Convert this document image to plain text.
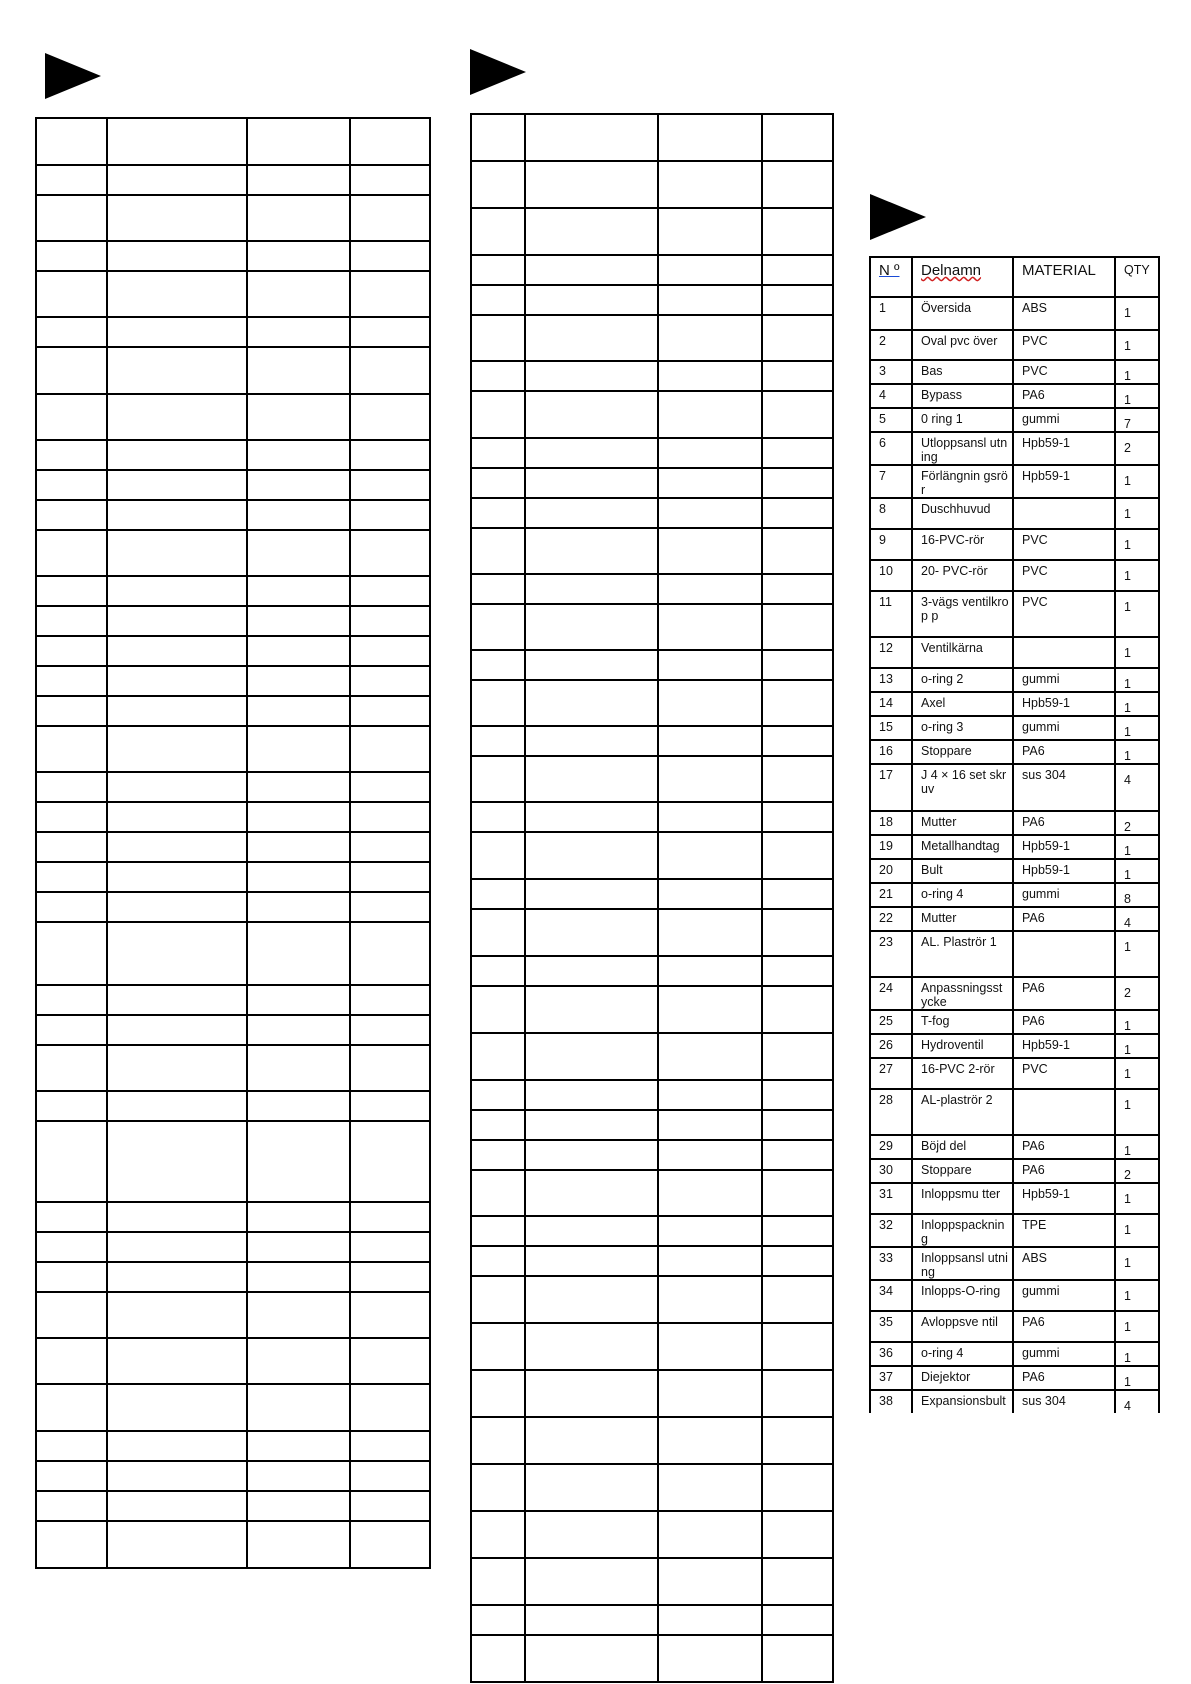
N º	Delnamn	MATERIAL	QTY
1	Översida	ABS	1
2	Oval pvc över	PVC	1
3	Bas	PVC	1
4	Bypass	PA6	1
5	0 ring 1	gummi	7
6	Utloppsansl utning	Hpb59-1	2
7	Förlängnin gsrör	Hpb59-1	1
8	Duschhuvud		1
9	16-PVC-rör	PVC	1
10	20- PVC-rör	PVC	1
11	3-vägs ventilkrop p	PVC	1
12	Ventilkärna		1
13	o-ring 2	gummi	1
14	Axel	Hpb59-1	1
15	o-ring 3	gummi	1
16	Stoppare	PA6	1
17	J 4 × 16 set skruv	sus 304	4
18	Mutter	PA6	2
19	Metallhandtag	Hpb59-1	1
20	Bult	Hpb59-1	1
21	o-ring 4	gummi	8
22	Mutter	PA6	4
23	AL. Plaströr 1		1
24	Anpassningsst ycke	PA6	2
25	T-fog	PA6	1
26	Hydroventil	Hpb59-1	1
27	16-PVC 2-rör	PVC	1
28	AL-plaströr 2		1
29	Böjd del	PA6	1
30	Stoppare	PA6	2
31	Inloppsmu tter	Hpb59-1	1
32	Inloppspacknin g	TPE	1
33	Inloppsansl utning	ABS	1
34	Inlopps-O-ring	gummi	1
35	Avloppsve ntil	PA6	1
36	o-ring 4	gummi	1
37	Diejektor	PA6	1
38	Expansionsbult	sus 304	4
